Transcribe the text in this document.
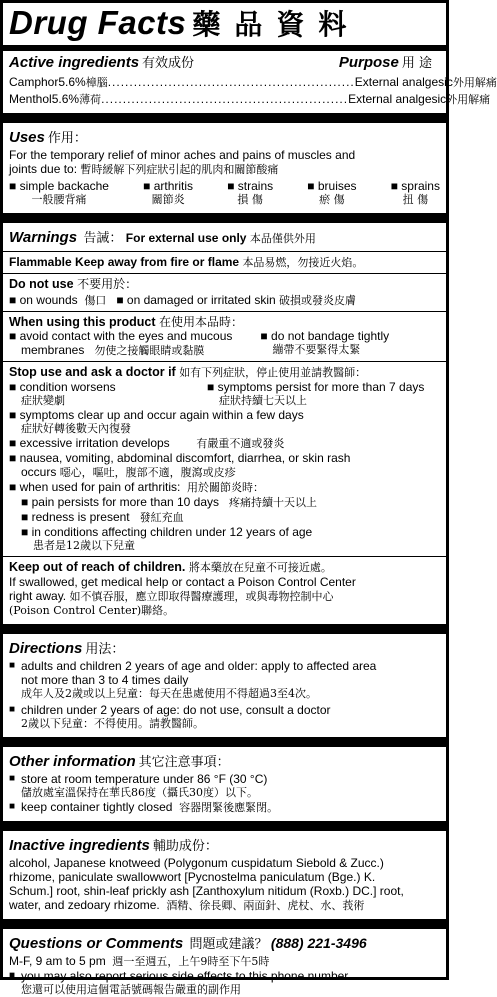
Drug Facts 藥品資料
Active ingredients 有效成份	Purpose 用 途
Camphor 5.6% 樟腦 ......................................................... External analgesic 外用解痛
Menthol 5.6% 薄荷 ......................................................... External analgesic 外用解痛
Uses 作用：
For the temporary relief of minor aches and pains of muscles and
joints due to: 暫時緩解下列症狀引起的肌肉和關節酸痛
■ simple backache
一般腰背痛
■ arthritis
關節炎
■ strains
損 傷
■ bruises
瘀 傷
■ sprains
扭 傷
Warnings 告誡： For external use only 本品僅供外用
Flammable Keep away from fire or flame 本品易燃，勿接近火焰。
Do not use 不要用於：
■ on wounds 傷口   ■ on damaged or irritated skin 破損或發炎皮膚
When using this product 在使用本品時：
■ avoid contact with the eyes and mucous
membranes 勿使之接觸眼睛或黏膜
■ do not bandage tightly
繃帶不要緊得太緊
Stop use and ask a doctor if 如有下列症狀，停止使用並請教醫師：
■ condition worsens
症狀變劇
■ symptoms persist for more than 7 days
症狀持續七天以上
■ symptoms clear up and occur again within a few days
症狀好轉後數天內復發
■ excessive irritation develops 有嚴重不適或發炎
■ nausea, vomiting, abdominal discomfort, diarrhea, or skin rash
occurs 噁心，嘔吐，腹部不適，腹瀉或皮疹
■ when used for pain of arthritis: 用於關節炎時：
■ pain persists for more than 10 days 疼痛持續十天以上
■ redness is present 發紅充血
■ in conditions affecting children under 12 years of age
患者是12歲以下兒童
Keep out of reach of children. 將本藥放在兒童不可接近處。
If swallowed, get medical help or contact a Poison Control Center
right away. 如不慎吞服，應立即取得醫療護理，或與毒物控制中心
(Poison Control Center)聯絡。
Directions 用法：
■ adults and children 2 years of age and older: apply to affected area
not more than 3 to 4 times daily
成年人及2歲或以上兒童：每天在患處使用不得超過3至4次。
■ children under 2 years of age: do not use, consult a doctor
2歲以下兒童：不得使用。請教醫師。
Other information 其它注意事項：
■ store at room temperature under 86 °F (30 °C)
儲放處室溫保持在華氏86度（攝氏30度）以下。
■ keep container tightly closed 容器閉緊後應緊閉。
Inactive ingredients 輔助成份：
alcohol, Japanese knotweed (Polygonum cuspidatum Siebold & Zucc.)
rhizome, paniculate swallowwort [Pycnostelma paniculatum (Bge.) K.
Schum.] root, shin-leaf prickly ash [Zanthoxylum nitidum (Roxb.) DC.] root,
water, and zedoary rhizome. 酒精、徐長卿、兩面針、虎杖、水、莪術
Questions or Comments 問題或建議？ (888) 221-3496
M-F, 9 am to 5 pm 週一至週五，上午9時至下午5時
■ you may also report serious side effects to this phone number.
您還可以使用這個電話號碼報告嚴重的副作用
